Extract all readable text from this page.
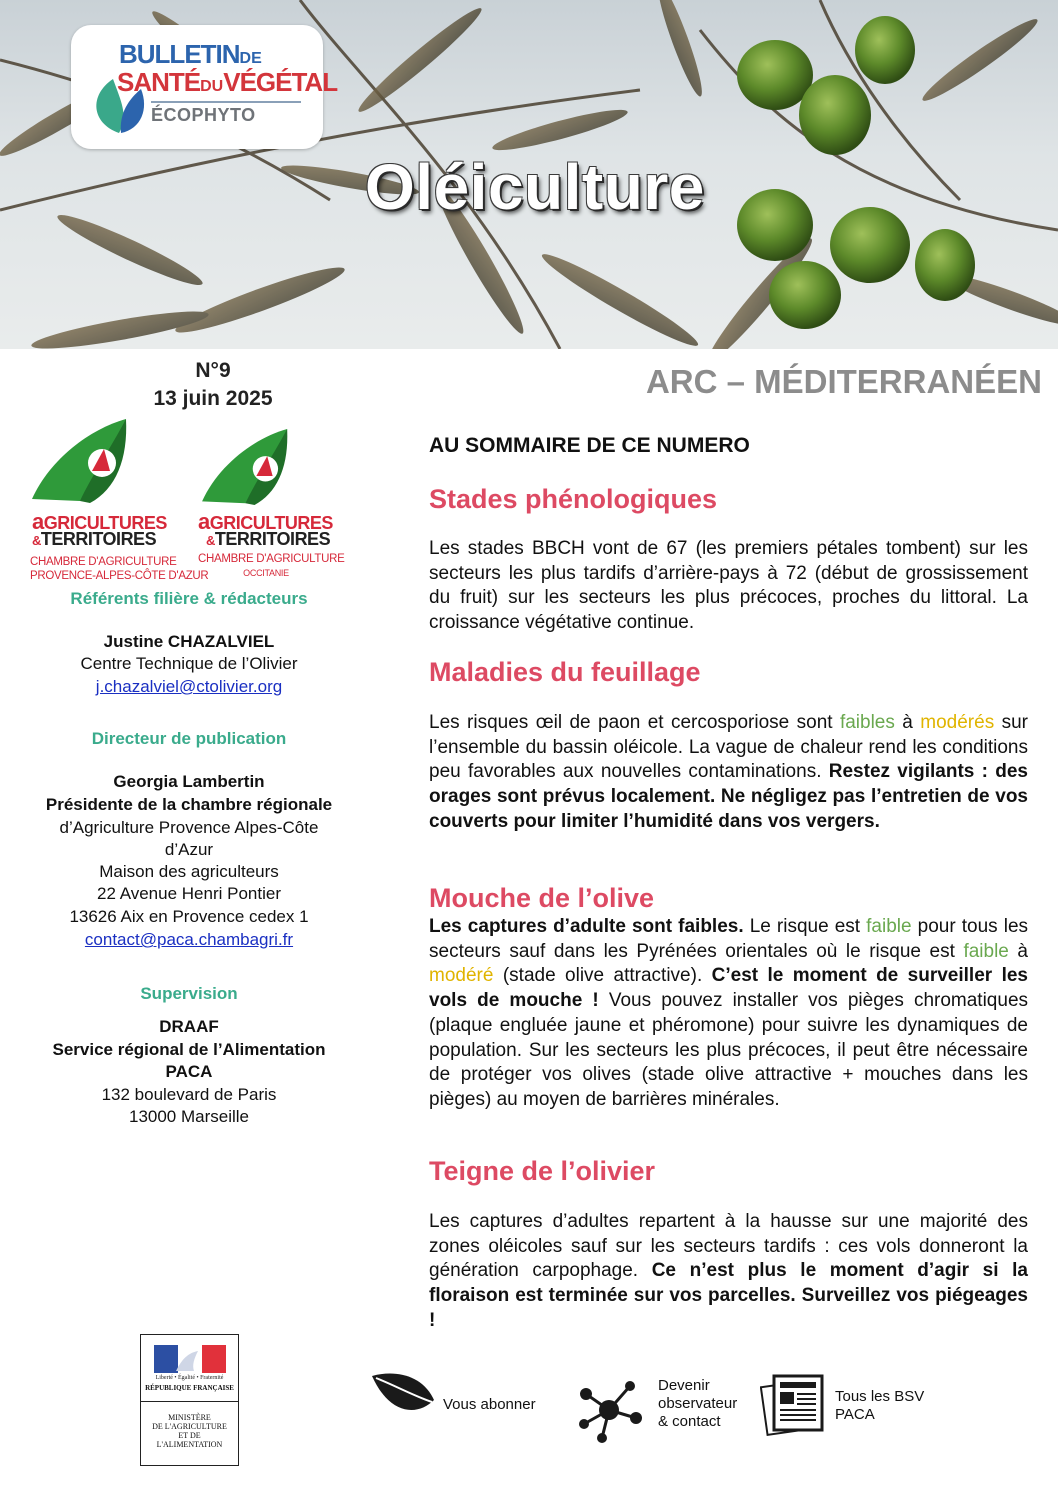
BULLETINDE
SANTÉDUVÉGÉTAL
ÉCOPHYTO
Oléiculture
N°9
13 juin 2025
aGRICULTURES
&TERRITOIRES
CHAMBRE D'AGRICULTURE
PROVENCE-ALPES-CÔTE D'AZUR
aGRICULTURES
&TERRITOIRES
CHAMBRE D'AGRICULTURE
OCCITANIE
Référents filière & rédacteurs
Justine CHAZALVIEL
Centre Technique de l’Olivier
j.chazalviel@ctolivier.org
Directeur de publication
Georgia Lambertin
Présidente de la chambre régionale
d’Agriculture Provence Alpes-Côte
d’Azur
Maison des agriculteurs
22 Avenue Henri Pontier
13626 Aix en Provence cedex 1
contact@paca.chambagri.fr
Supervision
DRAAF
Service régional de l’Alimentation
PACA
132 boulevard de Paris
13000 Marseille
Liberté • Égalité • Fraternité
RÉPUBLIQUE FRANÇAISE
MINISTÈRE
DE L'AGRICULTURE
ET DE
L'ALIMENTATION
ARC – MÉDITERRANÉEN
AU SOMMAIRE DE CE NUMERO
Stades phénologiques
Les stades BBCH vont de 67 (les premiers pétales tombent) sur les secteurs les plus tardifs d’arrière-pays à 72 (début de grossissement du fruit) sur les secteurs les plus précoces, proches du littoral. La croissance végétative continue.
Maladies du feuillage
Les risques œil de paon et cercosporiose sont faibles à modérés sur l’ensemble du bassin oléicole. La vague de chaleur rend les conditions peu favorables aux nouvelles contaminations. Restez vigilants : des orages sont prévus localement. Ne négligez pas l’entretien de vos couverts pour limiter l’humidité dans vos vergers.
Mouche de l’olive
Les captures d’adulte sont faibles. Le risque est faible pour tous les secteurs sauf dans les Pyrénées orientales où le risque est faible à modéré (stade olive attractive). C’est le moment de surveiller les vols de mouche ! Vous pouvez installer vos pièges chromatiques (plaque engluée jaune et phéromone) pour suivre les dynamiques de population. Sur les secteurs les plus précoces, il peut être nécessaire de protéger vos olives (stade olive attractive + mouches dans les pièges) au moyen de barrières minérales.
Teigne de l’olivier
Les captures d’adultes repartent à la hausse sur une majorité des zones oléicoles sauf sur les secteurs tardifs : ces vols donneront la génération carpophage. Ce n’est plus le moment d’agir si la floraison est terminée sur vos parcelles. Surveillez vos piégeages !
Vous abonner
Devenir
observateur
& contact
Tous les BSV
PACA
